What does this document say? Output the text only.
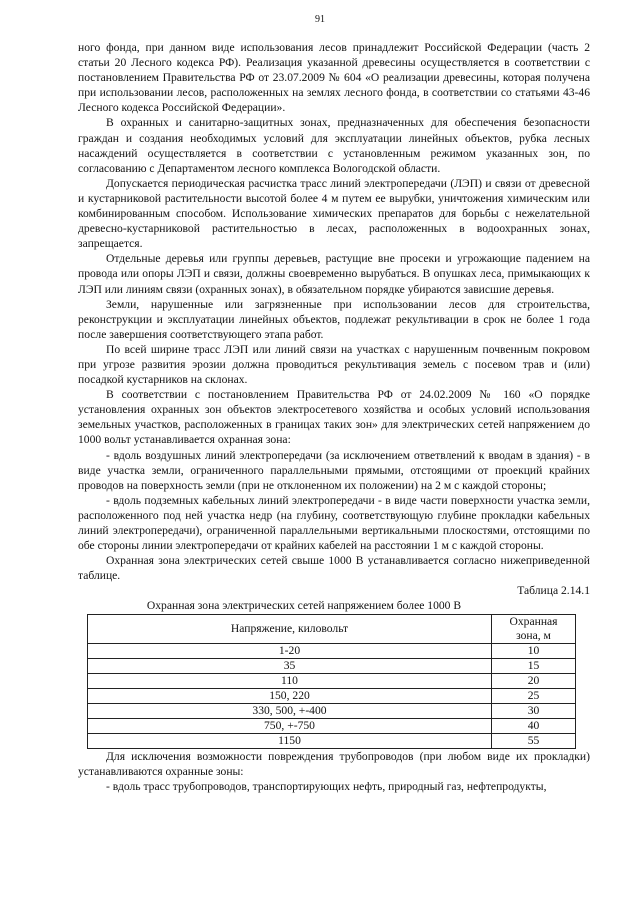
91

ного фонда, при данном виде использования лесов принадлежит Российской Федерации (часть 2 статьи 20 Лесного кодекса РФ). Реализация указанной древесины осуществляется в соответствии с постановлением Правительства РФ от 23.07.2009 № 604 «О реализации древесины, которая получена при использовании лесов, расположенных на землях лесного фонда, в соответствии со статьями 43-46 Лесного кодекса Российской Федерации».

В охранных и санитарно-защитных зонах, предназначенных для обеспечения безопасности граждан и создания необходимых условий для эксплуатации линейных объектов, рубка лесных насаждений осуществляется в соответствии с установленным режимом указанных зон, по согласованию с Департаментом лесного комплекса Вологодской области.

Допускается периодическая расчистка трасс линий электропередачи (ЛЭП) и связи от древесной и кустарниковой растительности высотой более 4 м путем ее вырубки, уничтожения химическим или комбинированным способом. Использование химических препаратов для борьбы с нежелательной древесно-кустарниковой растительностью в лесах, расположенных в водоохранных зонах, запрещается.

Отдельные деревья или группы деревьев, растущие вне просеки и угрожающие падением на провода или опоры ЛЭП и связи, должны своевременно вырубаться. В опушках леса, примыкающих к ЛЭП или линиям связи (охранных зонах), в обязательном порядке убираются зависшие деревья.

Земли, нарушенные или загрязненные при использовании лесов для строительства, реконструкции и эксплуатации линейных объектов, подлежат рекультивации в срок не более 1 года после завершения соответствующего этапа работ.

По всей ширине трасс ЛЭП или линий связи на участках с нарушенным почвенным покровом при угрозе развития эрозии должна проводиться рекультивация земель с посевом трав и (или) посадкой кустарников на склонах.

В соответствии с постановлением Правительства РФ от 24.02.2009 № 160 «О порядке установления охранных зон объектов электросетевого хозяйства и особых условий использования земельных участков, расположенных в границах таких зон» для электрических сетей напряжением до 1000 вольт устанавливается охранная зона:

- вдоль воздушных линий электропередачи (за исключением ответвлений к вводам в здания) - в виде участка земли, ограниченного параллельными прямыми, отстоящими от проекций крайних проводов на поверхность земли (при не отклоненном их положении) на 2 м с каждой стороны;

- вдоль подземных кабельных линий электропередачи - в виде части поверхности участка земли, расположенного под ней участка недр (на глубину, соответствующую глубине прокладки кабельных линий электропередачи), ограниченной параллельными вертикальными плоскостями, отстоящими по обе стороны линии электропередачи от крайних кабелей на расстоянии 1 м с каждой стороны.

Охранная зона электрических сетей свыше 1000 В устанавливается согласно нижеприведенной таблице.

Таблица 2.14.1

Охранная зона электрических сетей напряжением более 1000 В

Напряжение, киловольт	Охранная зона, м
1-20	10
35	15
110	20
150, 220	25
330, 500, +-400	30
750, +-750	40
1150	55

Для исключения возможности повреждения трубопроводов (при любом виде их прокладки) устанавливаются охранные зоны:

- вдоль трасс трубопроводов, транспортирующих нефть, природный газ, нефтепродукты,
